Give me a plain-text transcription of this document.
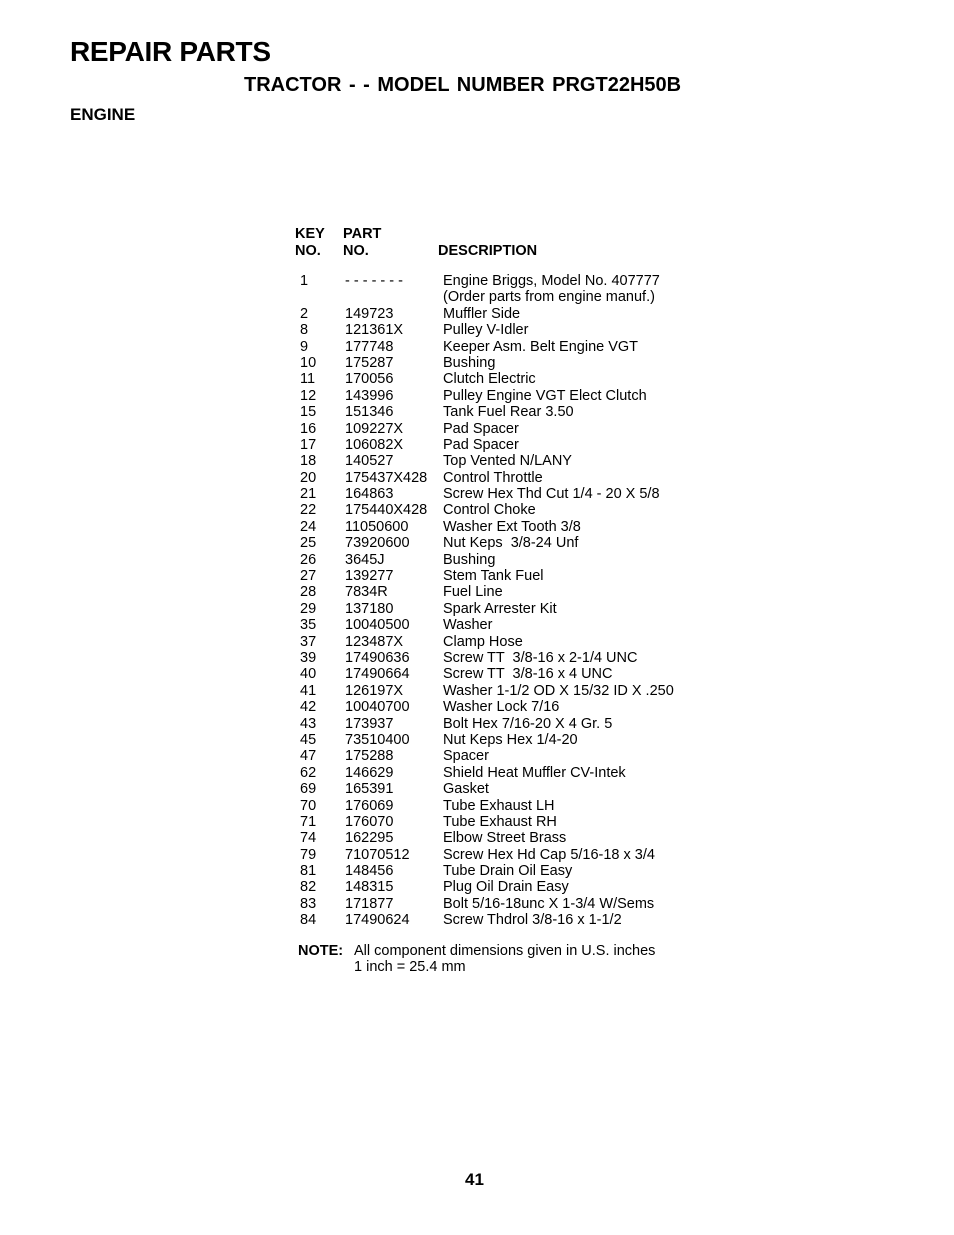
REPAIR PARTS
TRACTOR - - MODEL NUMBER PRGT22H50B
ENGINE
KEY
NO.
PART
NO.	DESCRIPTION
1	- - - - - - -	Engine Briggs, Model No. 407777
(Order parts from engine manuf.)
2	149723	Muffler Side
8	121361X	Pulley V-Idler
9	177748	Keeper Asm. Belt Engine VGT
10 175287	Bushing
11 170056	Clutch Electric
12 143996	Pulley Engine VGT Elect Clutch
15 151346	Tank Fuel Rear 3.50
16 109227X	Pad Spacer
17 106082X	Pad Spacer
18 140527	Top Vented N/LANY
20 175437X428 Control Throttle
21 164863	Screw Hex Thd Cut 1/4 - 20 X 5/8
22 175440X428 Control Choke
24 11050600 Washer Ext Tooth 3/8
25 73920600 Nut Keps  3/8-24 Unf
26 3645J	Bushing
27 139277	Stem Tank Fuel
28 7834R	Fuel Line
29 137180	Spark Arrester Kit
35 10040500 Washer
37 123487X	Clamp Hose
39 17490636 Screw TT  3/8-16 x 2-1/4 UNC
40 17490664 Screw TT  3/8-16 x 4 UNC
41 126197X	Washer 1-1/2 OD X 15/32 ID X .250
42 10040700 Washer Lock 7/16
43 173937	Bolt Hex 7/16-20 X 4 Gr. 5
45 73510400 Nut Keps Hex 1/4-20
47 175288	Spacer
62 146629	Shield Heat Muffler CV-Intek
69 165391	Gasket
70 176069	Tube Exhaust LH
71 176070	Tube Exhaust RH
74 162295	Elbow Street Brass
79 71070512 Screw Hex Hd Cap 5/16-18 x 3/4
81 148456	Tube Drain Oil Easy
82 148315	Plug Oil Drain Easy
83 171877	Bolt 5/16-18unc X 1-3/4 W/Sems
84 17490624 Screw Thdrol 3/8-16 x 1-1/2
NOTE: All component dimensions given in U.S. inches
1 inch = 25.4 mm
41
